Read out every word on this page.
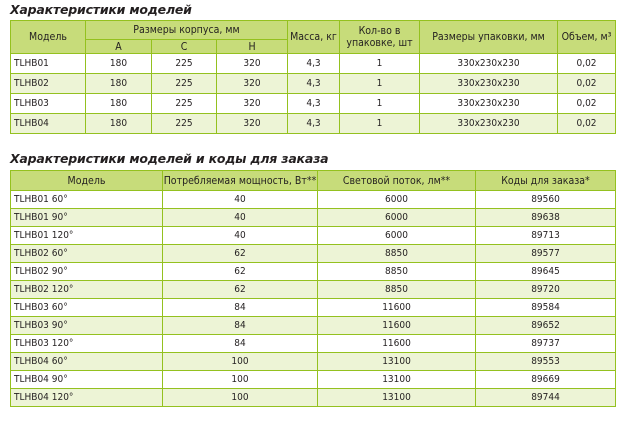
Характеристики моделей
Модель	Размеры корпуса, мм			Масса, кг	Кол-во в упаковке, шт	Размеры упаковки, мм	Объем, м³
	A	C	H				
TLHB01	180	225	320	4,3	1	330x230x230	0,02
TLHB02	180	225	320	4,3	1	330x230x230	0,02
TLHB03	180	225	320	4,3	1	330x230x230	0,02
TLHB04	180	225	320	4,3	1	330x230x230	0,02
Характеристики моделей и коды для заказа
Модель	Потребляемая мощность, Вт**	Световой поток, лм**	Коды для заказа*
TLHB01 60°	40	6000	89560
TLHB01 90°	40	6000	89638
TLHB01 120°	40	6000	89713
TLHB02 60°	62	8850	89577
TLHB02 90°	62	8850	89645
TLHB02 120°	62	8850	89720
TLHB03 60°	84	11600	89584
TLHB03 90°	84	11600	89652
TLHB03 120°	84	11600	89737
TLHB04 60°	100	13100	89553
TLHB04 90°	100	13100	89669
TLHB04 120°	100	13100	89744
